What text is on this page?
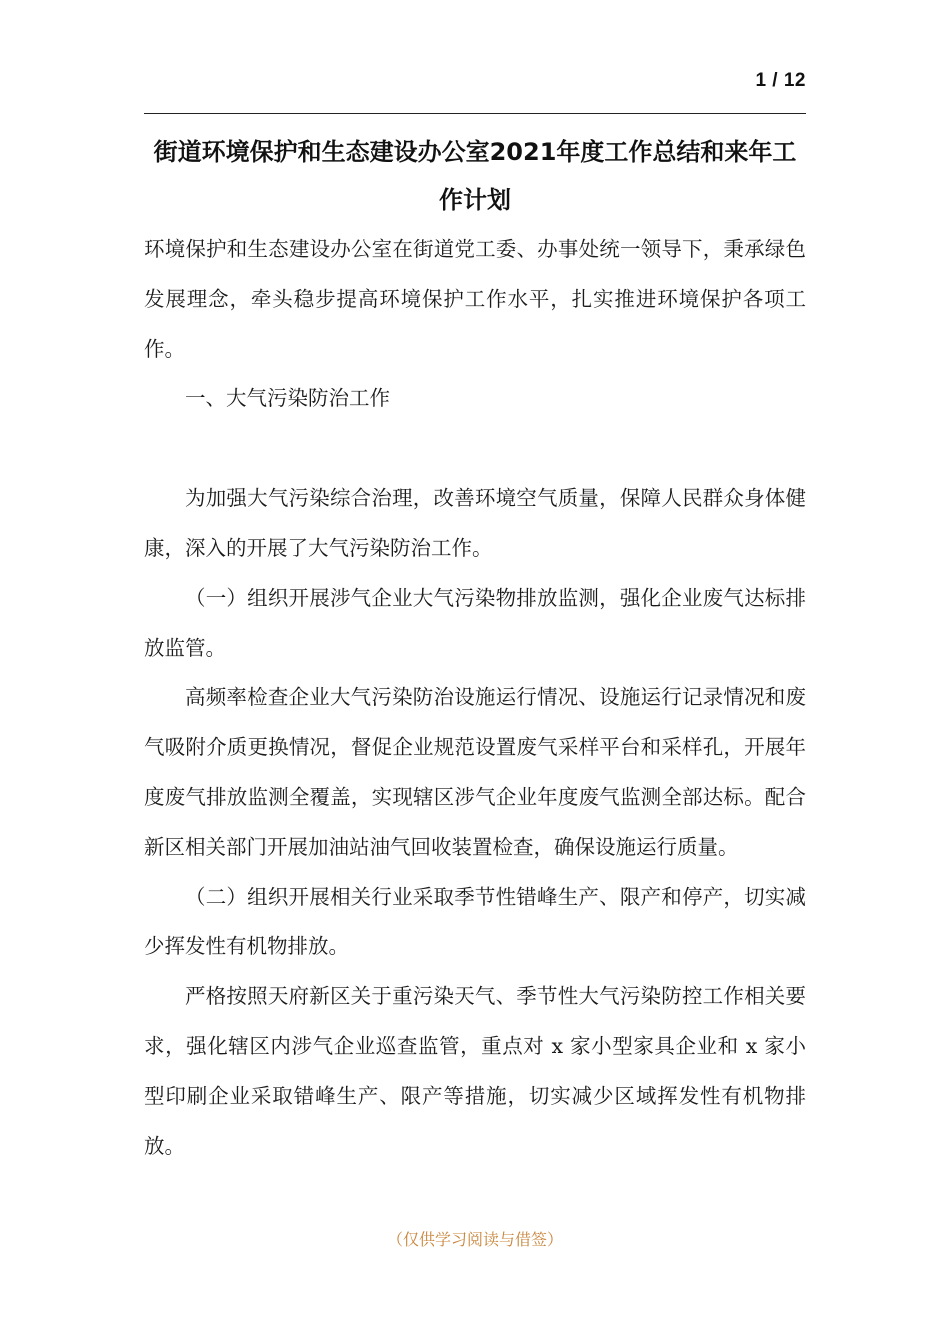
1 / 12
街道环境保护和生态建设办公室2021年度工作总结和来年工作计划

环境保护和生态建设办公室在街道党工委、办事处统一领导下，秉承绿色发展理念，牵头稳步提高环境保护工作水平，扎实推进环境保护各项工作。

一、大气污染防治工作

为加强大气污染综合治理，改善环境空气质量，保障人民群众身体健康，深入的开展了大气污染防治工作。

（一）组织开展涉气企业大气污染物排放监测，强化企业废气达标排放监管。

高频率检查企业大气污染防治设施运行情况、设施运行记录情况和废气吸附介质更换情况，督促企业规范设置废气采样平台和采样孔，开展年度废气排放监测全覆盖，实现辖区涉气企业年度废气监测全部达标。配合新区相关部门开展加油站油气回收装置检查，确保设施运行质量。

（二）组织开展相关行业采取季节性错峰生产、限产和停产，切实减少挥发性有机物排放。

严格按照天府新区关于重污染天气、季节性大气污染防控工作相关要求，强化辖区内涉气企业巡查监管，重点对 x 家小型家具企业和 x 家小型印刷企业采取错峰生产、限产等措施，切实减少区域挥发性有机物排放。

（仅供学习阅读与借签）
